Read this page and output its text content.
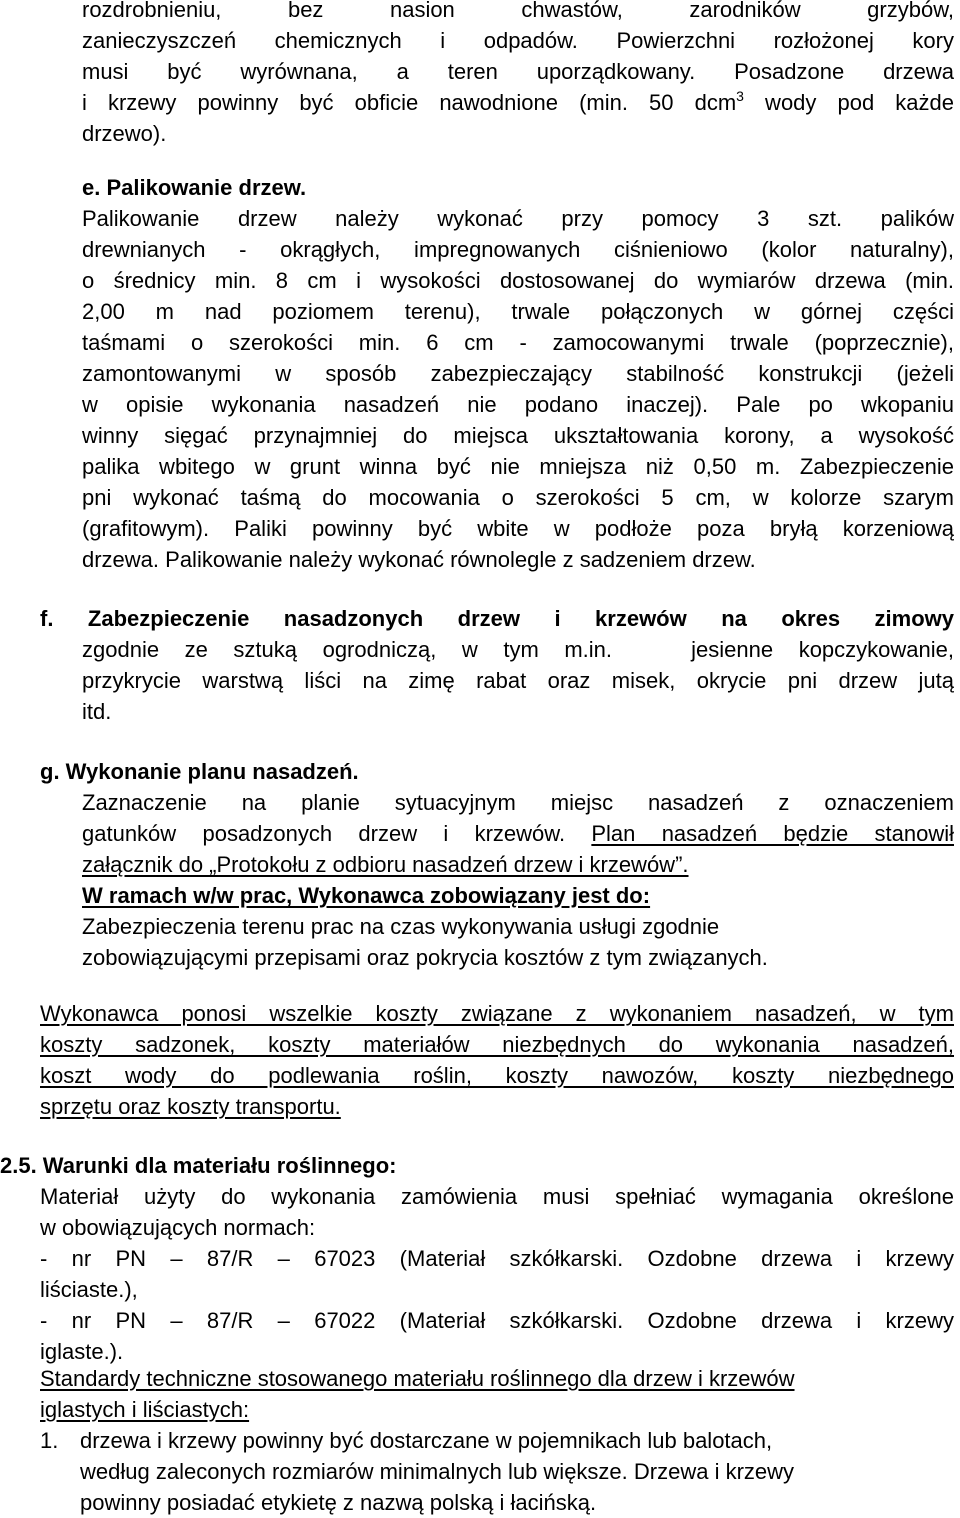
rozdrobnieniu, bez nasion chwastów, zarodników grzybów,
zanieczyszczeń chemicznych i odpadów. Powierzchni rozłożonej kory
musi być wyrównana, a teren uporządkowany. Posadzone drzewa
i krzewy powinny być obficie nawodnione (min. 50 dcm$^3$ wody pod każde
drzewo).
e. Palikowanie drzew.
Palikowanie drzew należy wykonać przy pomocy 3 szt. palików
drewnianych - okrągłych, impregnowanych ciśnieniowo (kolor naturalny),
o średnicy min. 8 cm i wysokości dostosowanej do wymiarów drzewa (min.
2,00 m nad poziomem terenu), trwale połączonych w górnej części
taśmami o szerokości min. 6 cm - zamocowanymi trwale (poprzecznie),
zamontowanymi w sposób zabezpieczający stabilność konstrukcji (jeżeli
w opisie wykonania nasadzeń nie podano inaczej). Pale po wkopaniu
winny sięgać przynajmniej do miejsca ukształtowania korony, a wysokość
palika wbitego w grunt winna być nie mniejsza niż 0,50 m. Zabezpieczenie
pni wykonać taśmą do mocowania o szerokości 5 cm, w kolorze szarym
(grafitowym). Paliki powinny być wbite w podłoże poza bryłą korzeniową
drzewa. Palikowanie należy wykonać równolegle z sadzeniem drzew.
f. Zabezpieczenie nasadzonych drzew i krzewów na okres zimowy
zgodnie ze sztuką ogrodniczą, w tym m.in.	jesienne kopczykowanie,
przykrycie warstwą liści na zimę rabat oraz misek, okrycie pni drzew jutą
itd.
g. Wykonanie planu nasadzeń.
Zaznaczenie na planie sytuacyjnym miejsc nasadzeń z oznaczeniem
gatunków posadzonych drzew i krzewów. Plan nasadzeń będzie stanowił
załącznik do „Protokołu z odbioru nasadzeń drzew i krzewów”.
W ramach w/w prac, Wykonawca zobowiązany jest do:
Zabezpieczenia terenu prac na czas wykonywania usługi zgodnie
zobowiązującymi przepisami oraz pokrycia kosztów z tym związanych.
Wykonawca ponosi wszelkie koszty związane z wykonaniem nasadzeń, w tym
koszty sadzonek, koszty materiałów niezbędnych do wykonania nasadzeń,
koszt wody do podlewania roślin, koszty nawozów, koszty niezbędnego
sprzętu oraz koszty transportu.
2.5. Warunki dla materiału roślinnego:
Materiał użyty do wykonania zamówienia musi spełniać wymagania określone
w obowiązujących normach:
- nr PN – 87/R – 67023 (Materiał szkółkarski. Ozdobne drzewa i krzewy
liściaste.),
- nr PN – 87/R – 67022 (Materiał szkółkarski. Ozdobne drzewa i krzewy
iglaste.).
Standardy techniczne stosowanego materiału roślinnego dla drzew i krzewów
iglastych i liściastych:
1. drzewa i krzewy powinny być dostarczane w pojemnikach lub balotach,
według zaleconych rozmiarów minimalnych lub większe. Drzewa i krzewy
powinny posiadać etykietę z nazwą polską i łacińską.
